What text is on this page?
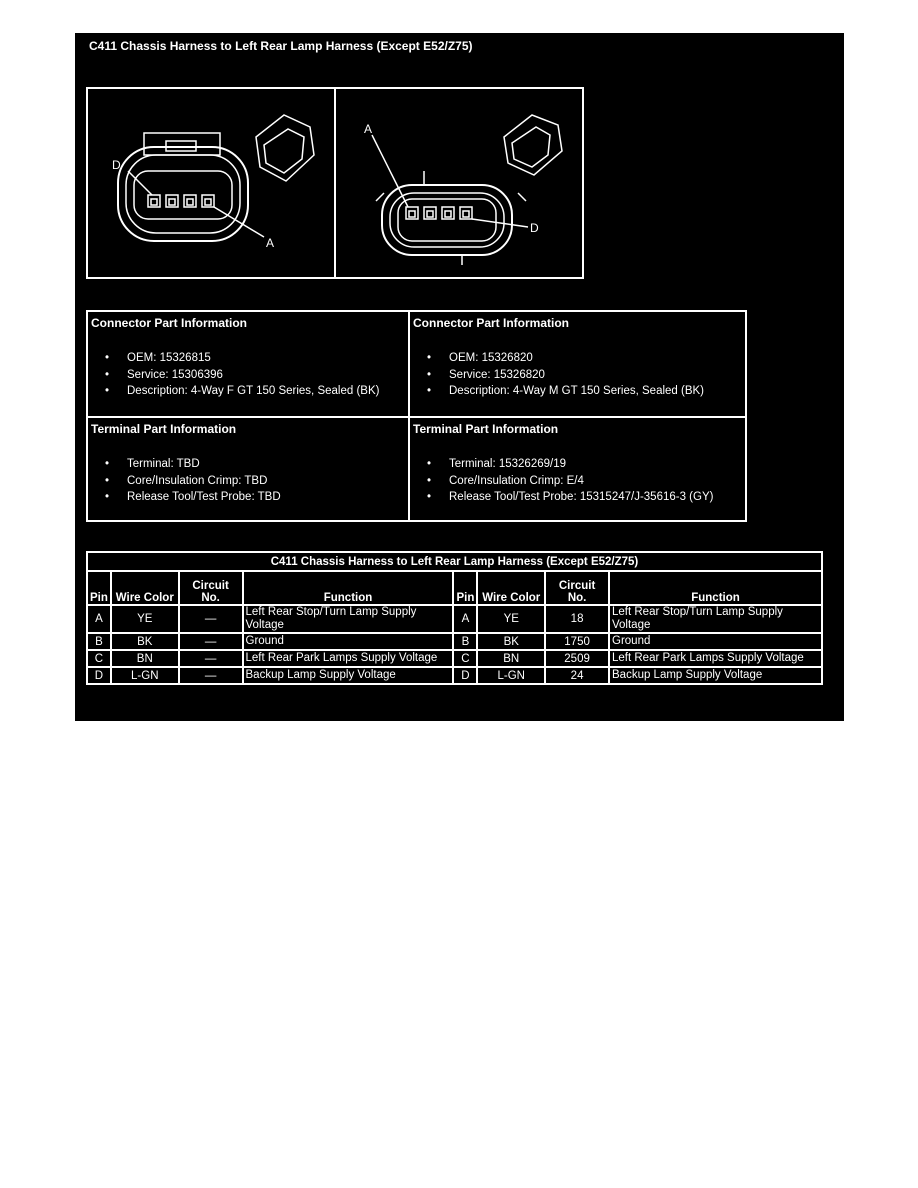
C411 Chassis Harness to Left Rear Lamp Harness (Except E52/Z75)
D
A
A
D
Connector Part Information
• OEM: 15326815
• Service: 15306396
• Description: 4-Way F GT 150 Series, Sealed (BK)
Connector Part Information
• OEM: 15326820
• Service: 15326820
• Description: 4-Way M GT 150 Series, Sealed (BK)
Terminal Part Information
• Terminal: TBD
• Core/Insulation Crimp: TBD
• Release Tool/Test Probe: TBD
Terminal Part Information
• Terminal: 15326269/19
• Core/Insulation Crimp: E/4
• Release Tool/Test Probe: 15315247/J-35616-3 (GY)
C411 Chassis Harness to Left Rear Lamp Harness (Except E52/Z75)							
Pin	Wire Color	Circuit No.	Function	Pin	Wire Color	Circuit No.	Function
A	YE	—	Left Rear Stop/Turn Lamp Supply Voltage	A	YE	18	Left Rear Stop/Turn Lamp Supply Voltage
B	BK	—	Ground	B	BK	1750	Ground
C	BN	—	Left Rear Park Lamps Supply Voltage	C	BN	2509	Left Rear Park Lamps Supply Voltage
D	L-GN	—	Backup Lamp Supply Voltage	D	L-GN	24	Backup Lamp Supply Voltage
